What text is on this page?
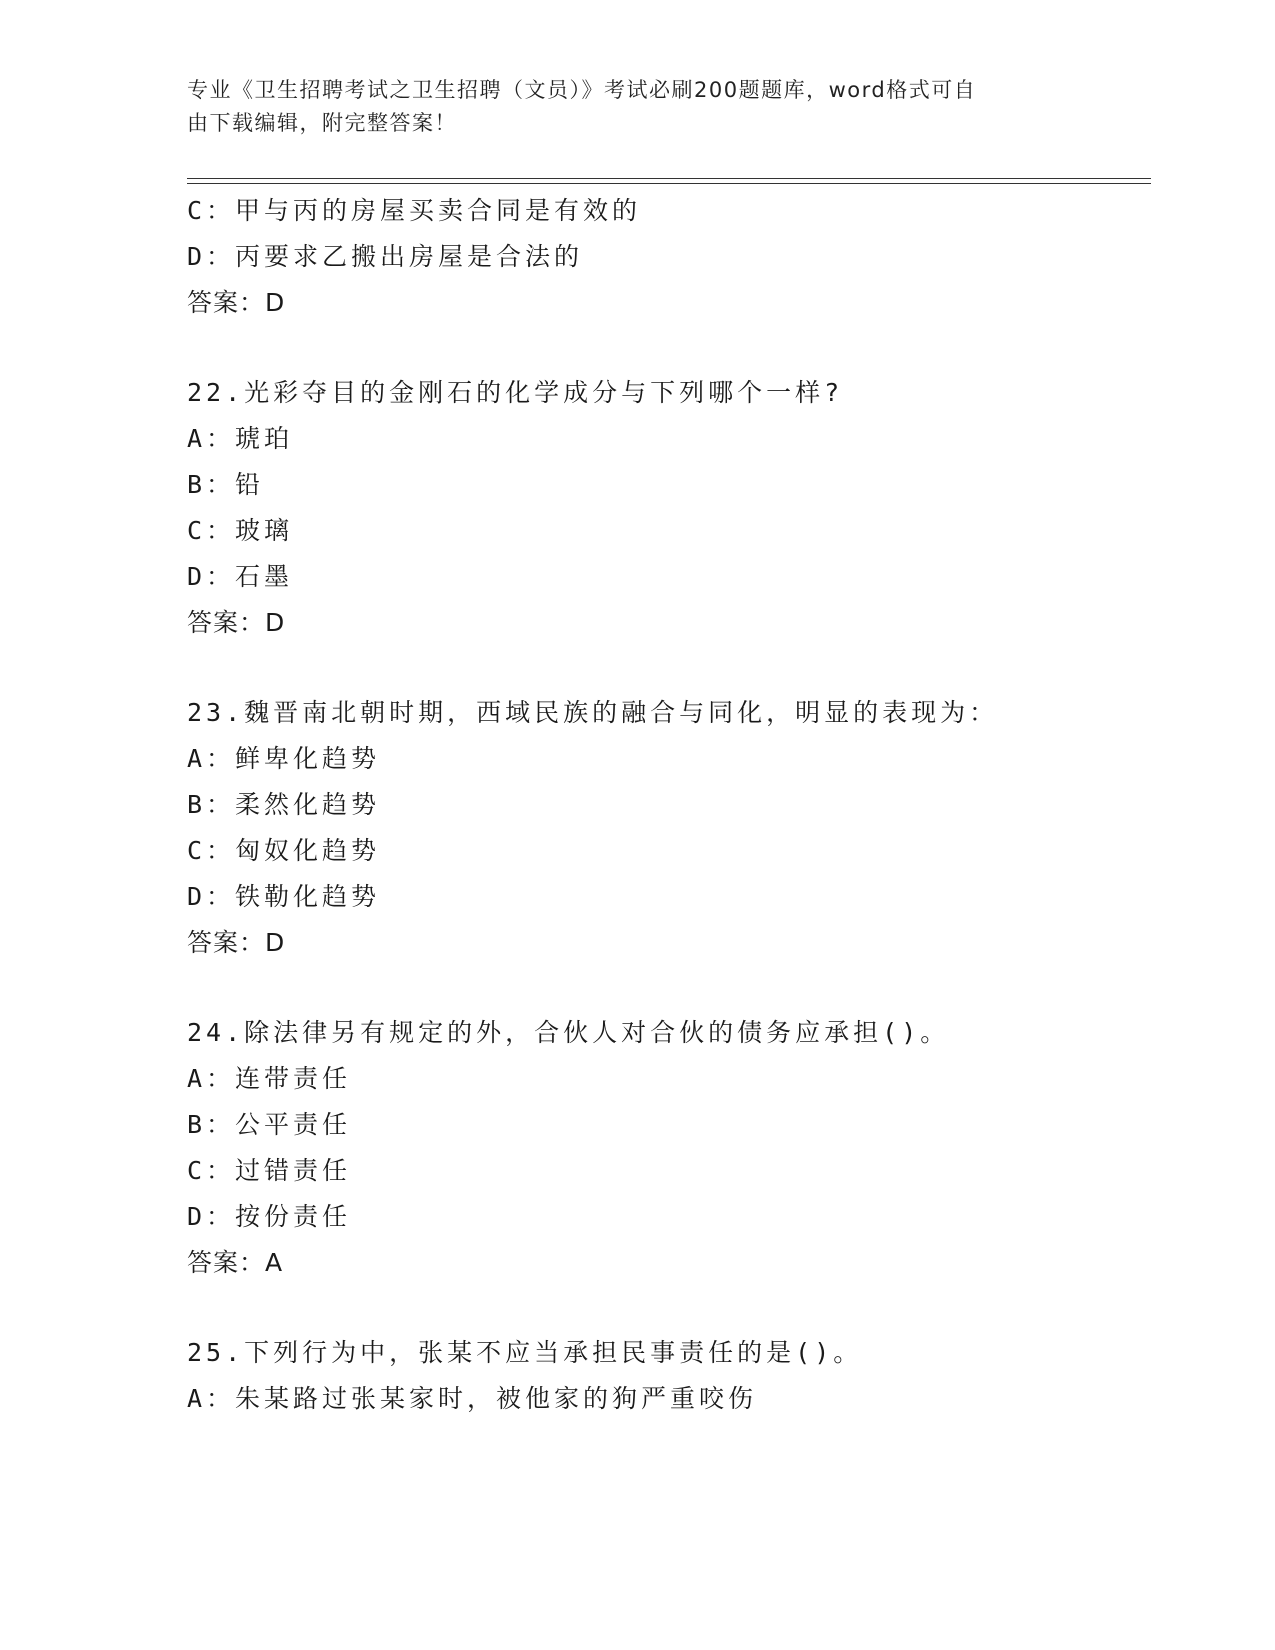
专业《卫生招聘考试之卫生招聘（文员）》考试必刷200题题库，word格式可自
由下载编辑，附完整答案！
C：甲与丙的房屋买卖合同是有效的
D：丙要求乙搬出房屋是合法的
答案：D
22.光彩夺目的金刚石的化学成分与下列哪个一样?
A：琥珀
B：铅
C：玻璃
D：石墨
答案：D
23.魏晋南北朝时期，西域民族的融合与同化，明显的表现为：
A：鲜卑化趋势
B：柔然化趋势
C：匈奴化趋势
D：铁勒化趋势
答案：D
24.除法律另有规定的外，合伙人对合伙的债务应承担()。
A：连带责任
B：公平责任
C：过错责任
D：按份责任
答案：A
25.下列行为中，张某不应当承担民事责任的是()。
A：朱某路过张某家时，被他家的狗严重咬伤
